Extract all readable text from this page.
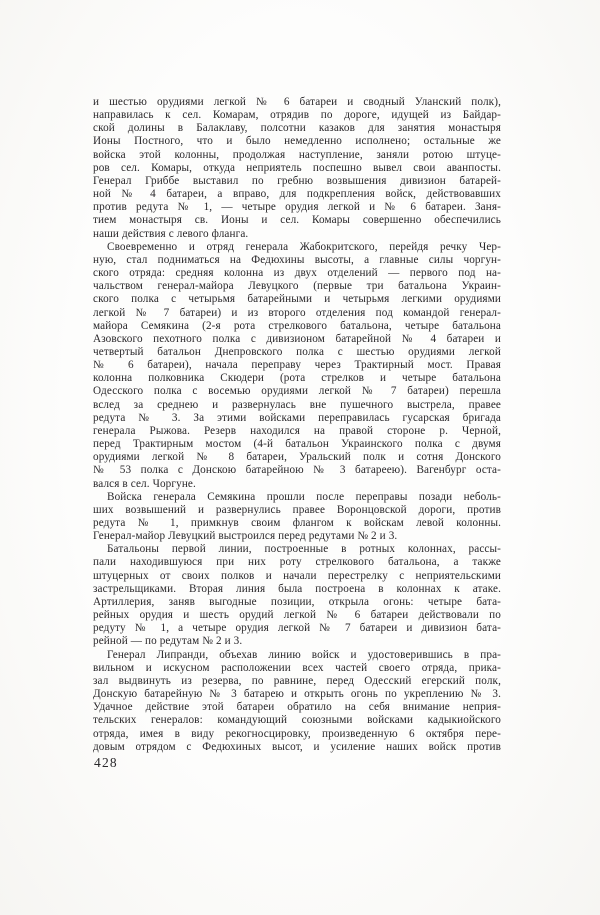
и шестью орудиями легкой № 6 батареи и сводный Уланский полк),
направилась к сел. Комарам, отрядив по дороге, идущей из Байдар-
ской долины в Балаклаву, полсотни казаков для занятия монастыря
Ионы Постного, что и было немедленно исполнено; остальные же
войска этой колонны, продолжая наступление, заняли ротою штуце-
ров сел. Комары, откуда неприятель поспешно вывел свои аванпосты.
Генерал Гриббе выставил по гребню возвышения дивизион батарей-
ной № 4 батареи, а вправо, для подкрепления войск, действовавших
против редута № 1, — четыре орудия легкой и № 6 батареи. Заня-
тием монастыря св. Ионы и сел. Комары совершенно обеспечились
наши действия с левого фланга.
Своевременно и отряд генерала Жабокритского, перейдя речку Чер-
ную, стал подниматься на Федюхины высоты, а главные силы чоргун-
ского отряда: средняя колонна из двух отделений — первого под на-
чальством генерал-майора Левуцкого (первые три батальона Украин-
ского полка с четырьмя батарейными и четырьмя легкими орудиями
легкой № 7 батареи) и из второго отделения под командой генерал-
майора Семякина (2-я рота стрелкового батальона, четыре батальона
Азовского пехотного полка с дивизионом батарейной № 4 батареи и
четвертый батальон Днепровского полка с шестью орудиями легкой
№ 6 батареи), начала переправу через Трактирный мост. Правая
колонна полковника Скюдери (рота стрелков и четыре батальона
Одесского полка с восемью орудиями легкой № 7 батареи) перешла
вслед за среднею и развернулась вне пушечного выстрела, правее
редута № 3. За этими войсками переправилась гусарская бригада
генерала Рыжова. Резерв находился на правой стороне р. Черной,
перед Трактирным мостом (4-й батальон Украинского полка с двумя
орудиями легкой № 8 батареи, Уральский полк и сотня Донского
№ 53 полка с Донскою батарейною № 3 батареею). Вагенбург оста-
вался в сел. Чоргуне.
Войска генерала Семякина прошли после переправы позади неболь-
ших возвышений и развернулись правее Воронцовской дороги, против
редута № 1, примкнув своим флангом к войскам левой колонны.
Генерал-майор Левуцкий выстроился перед редутами № 2 и 3.
Батальоны первой линии, построенные в ротных колоннах, рассы-
пали находившуюся при них роту стрелкового батальона, а также
штуцерных от своих полков и начали перестрелку с неприятельскими
застрельщиками. Вторая линия была построена в колоннах к атаке.
Артиллерия, заняв выгодные позиции, открыла огонь: четыре бата-
рейных орудия и шесть орудий легкой № 6 батареи действовали по
редуту № 1, а четыре орудия легкой № 7 батареи и дивизион бата-
рейной — по редутам № 2 и 3.
Генерал Липранди, объехав линию войск и удостоверившись в пра-
вильном и искусном расположении всех частей своего отряда, прика-
зал выдвинуть из резерва, по равнине, перед Одесский егерский полк,
Донскую батарейную № 3 батарею и открыть огонь по укреплению № 3.
Удачное действие этой батареи обратило на себя внимание неприя-
тельских генералов: командующий союзными войсками кадыкиойского
отряда, имея в виду рекогносцировку, произведенную 6 октября пере-
довым отрядом с Федюхиных высот, и усиление наших войск против
428
